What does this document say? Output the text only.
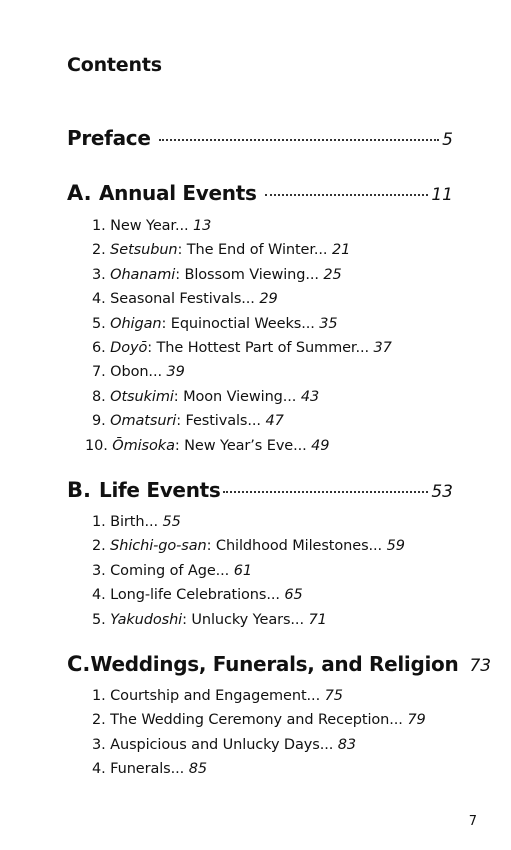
Contents
Preface	5
A. Annual Events	11
1. New Year... 13
2. Setsubun: The End of Winter... 21
3. Ohanami: Blossom Viewing... 25
4. Seasonal Festivals... 29
5. Ohigan: Equinoctial Weeks... 35
6. Doyō: The Hottest Part of Summer... 37
7. Obon... 39
8. Otsukimi: Moon Viewing... 43
9. Omatsuri: Festivals... 47
10. Ōmisoka: New Year’s Eve... 49
B. Life Events	53
1. Birth... 55
2. Shichi-go-san: Childhood Milestones... 59
3. Coming of Age... 61
4. Long-life Celebrations... 65
5. Yakudoshi: Unlucky Years... 71
C. Weddings, Funerals, and Religion 73
1. Courtship and Engagement... 75
2. The Wedding Ceremony and Reception... 79
3. Auspicious and Unlucky Days... 83
4. Funerals... 85
7
